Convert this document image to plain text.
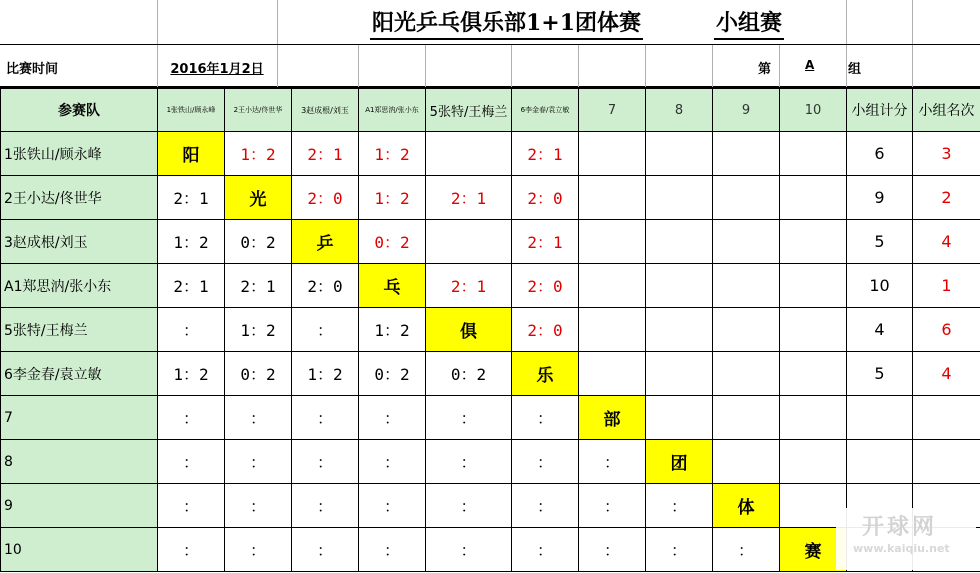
阳光乒乓俱乐部1+1团体赛	小组赛
比赛时间	2016年1月2日	第	A	组
参赛队	1张铁山/顾永峰	2王小达/佟世华	3赵成根/刘玉	A1郑思汭/张小东	5张特/王梅兰	6李金春/袁立敏	7	8	9	10	小组计分	小组名次
1张铁山/顾永峰	阳	1：2	2：1	1：2		2：1					6	3
2王小达/佟世华	2：1	光	2：0	1：2	2：1	2：0					9	2
3赵成根/刘玉	1：2	0：2	乒	0：2		2：1					5	4
A1郑思汭/张小东	2：1	2：1	2：0	乓	2：1	2：0					10	1
5张特/王梅兰	：	1：2	：	1：2	俱	2：0					4	6
6李金春/袁立敏	1：2	0：2	1：2	0：2	0：2	乐					5	4
7	：	：	：	：	：	：	部					
8	：	：	：	：	：	：	：	团				
9	：	：	：	：	：	：	：	：	体			
10	：	：	：	：	：	：	：	：	：	赛		
开球网
www.kaiqiu.net
